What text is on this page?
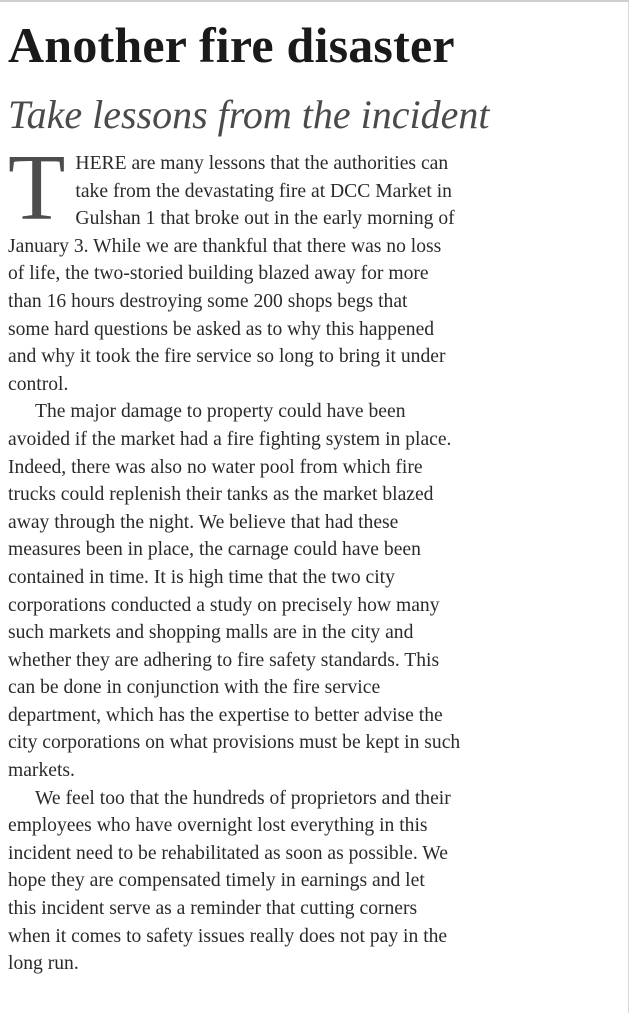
Another fire disaster
Take lessons from the incident

T HERE are many lessons that the authorities can
take from the devastating fire at DCC Market in
Gulshan 1 that broke out in the early morning of
January 3. While we are thankful that there was no loss
of life, the two-storied building blazed away for more
than 16 hours destroying some 200 shops begs that
some hard questions be asked as to why this happened
and why it took the fire service so long to bring it under
control.

The major damage to property could have been
avoided if the market had a fire fighting system in place.
Indeed, there was also no water pool from which fire
trucks could replenish their tanks as the market blazed
away through the night. We believe that had these
measures been in place, the carnage could have been
contained in time. It is high time that the two city
corporations conducted a study on precisely how many
such markets and shopping malls are in the city and
whether they are adhering to fire safety standards. This
can be done in conjunction with the fire service
department, which has the expertise to better advise the
city corporations on what provisions must be kept in such
markets.

We feel too that the hundreds of proprietors and their
employees who have overnight lost everything in this
incident need to be rehabilitated as soon as possible. We
hope they are compensated timely in earnings and let
this incident serve as a reminder that cutting corners
when it comes to safety issues really does not pay in the
long run.
